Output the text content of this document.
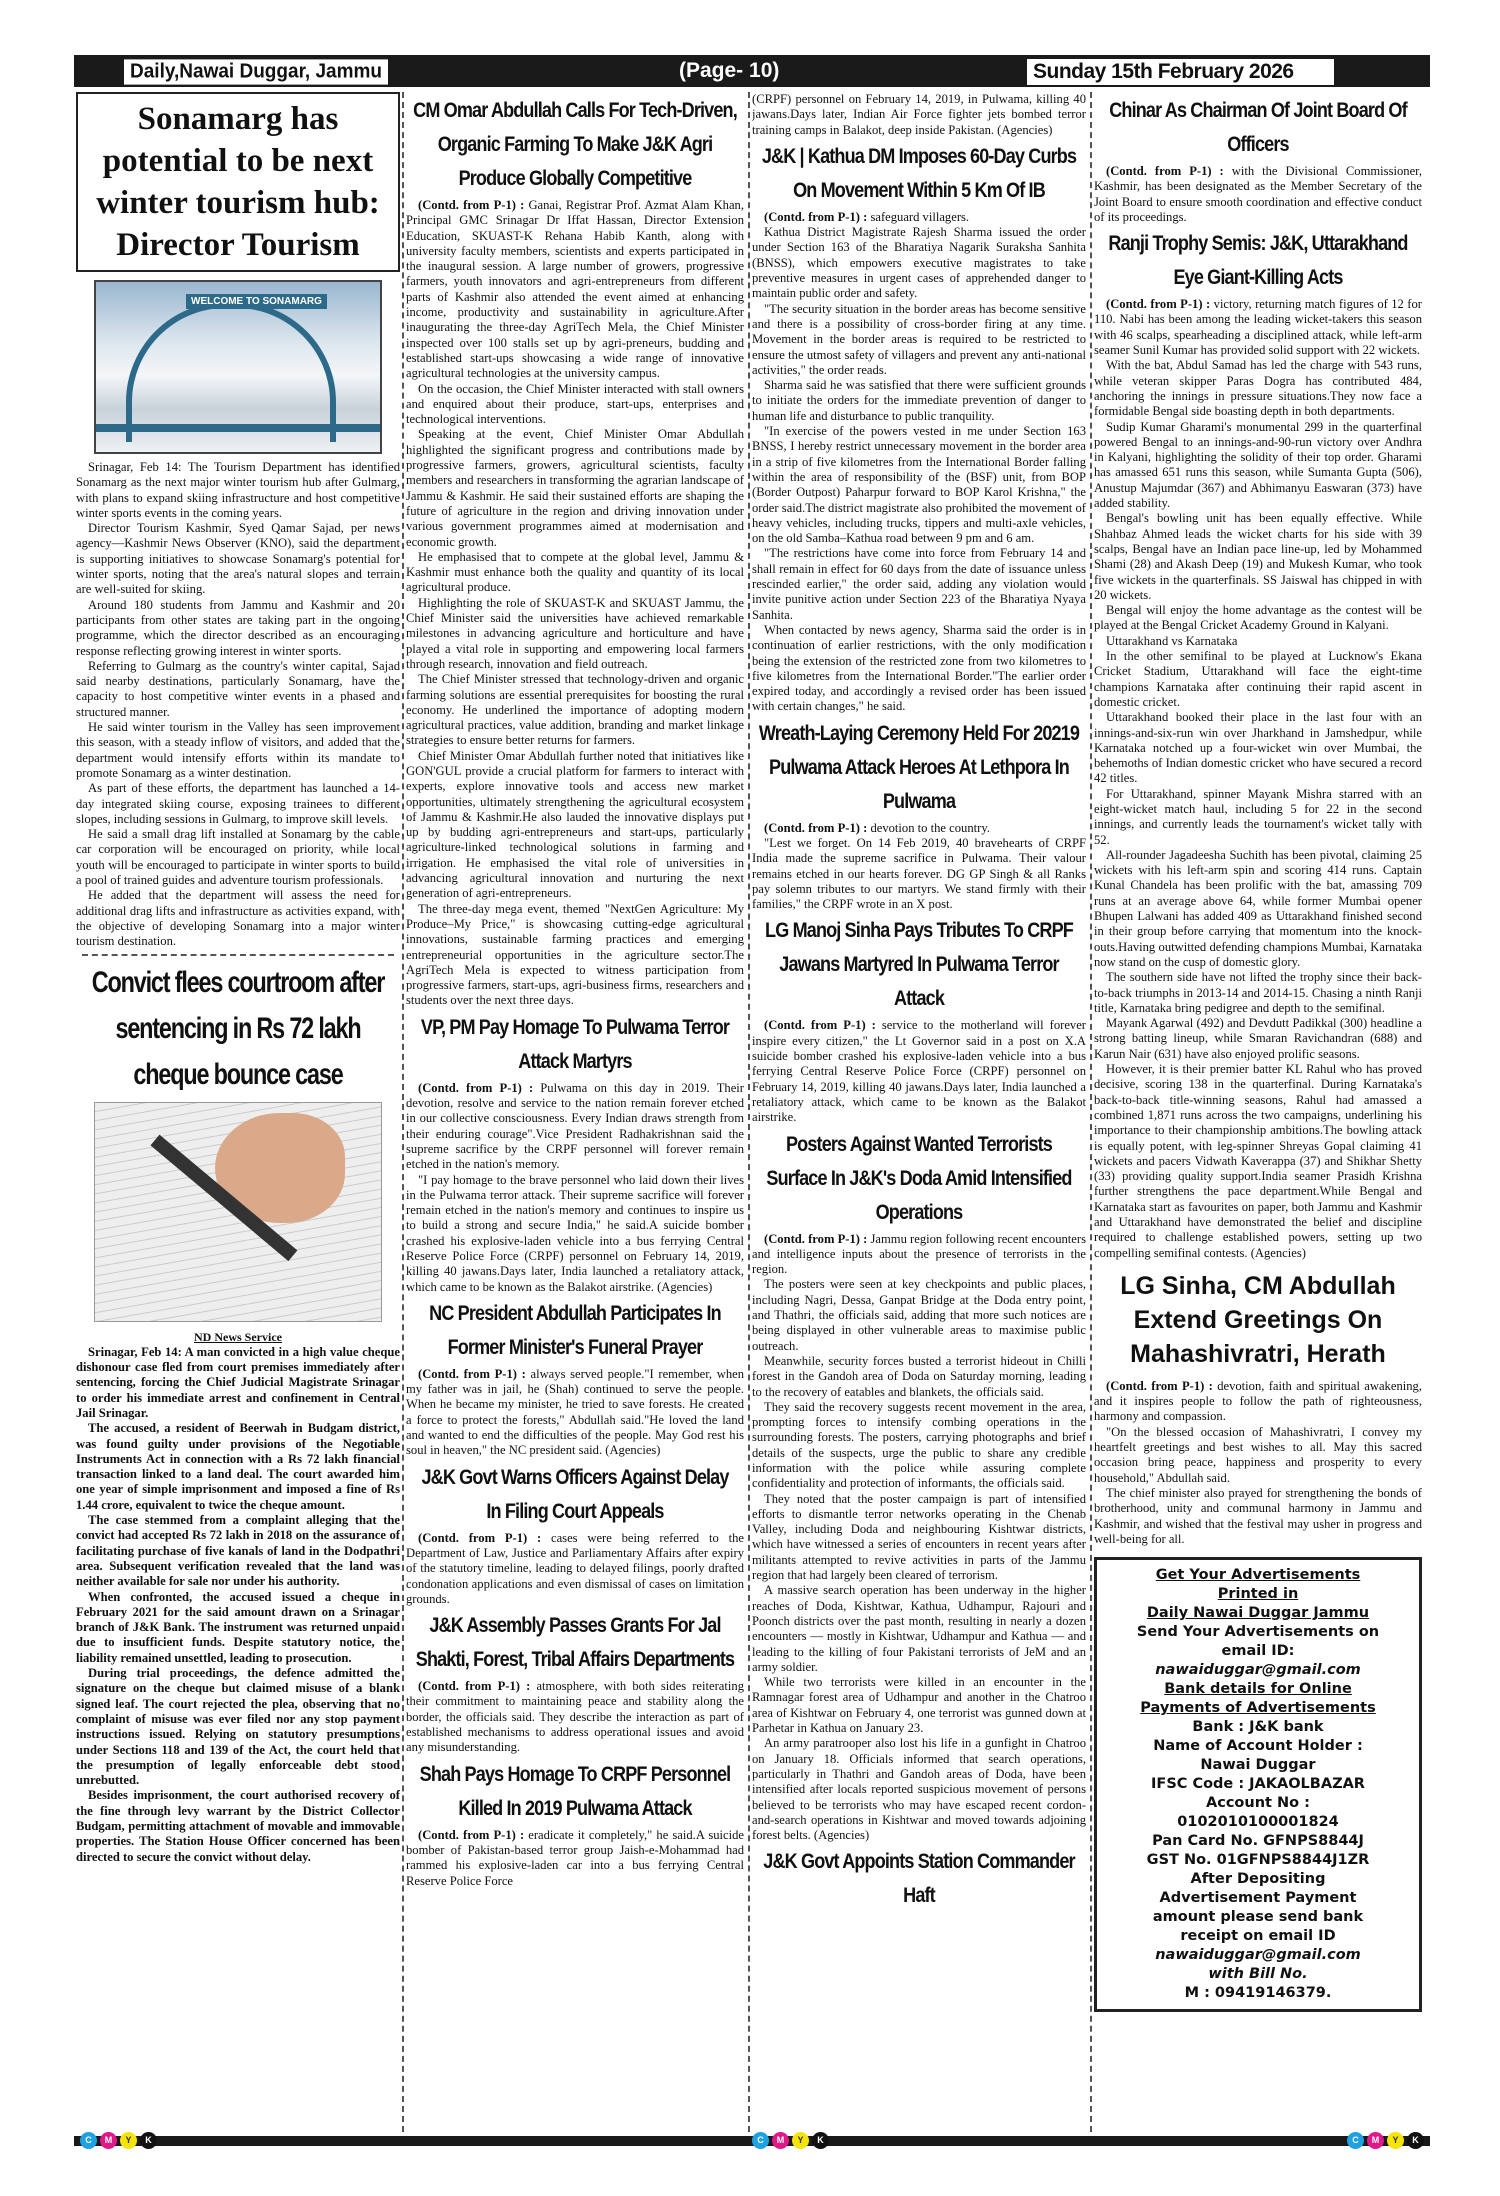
Daily,Nawai Duggar, Jammu	(Page- 10)	Sunday 15th February 2026
Sonamarg has potential to be next winter tourism hub: Director Tourism
WELCOME TO SONAMARG

Srinagar, Feb 14: The Tourism Department has identified Sonamarg as the next major winter tourism hub after Gulmarg, with plans to expand skiing infrastructure and host competitive winter sports events in the coming years.

Director Tourism Kashmir, Syed Qamar Sajad, per news agency—Kashmir News Observer (KNO), said the department is supporting initiatives to showcase Sonamarg's potential for winter sports, noting that the area's natural slopes and terrain are well-suited for skiing.

Around 180 students from Jammu and Kashmir and 20 participants from other states are taking part in the ongoing programme, which the director described as an encouraging response reflecting growing interest in winter sports.

Referring to Gulmarg as the country's winter capital, Sajad said nearby destinations, particularly Sonamarg, have the capacity to host competitive winter events in a phased and structured manner.

He said winter tourism in the Valley has seen improvement this season, with a steady inflow of visitors, and added that the department would intensify efforts within its mandate to promote Sonamarg as a winter destination.

As part of these efforts, the department has launched a 14-day integrated skiing course, exposing trainees to different slopes, including sessions in Gulmarg, to improve skill levels.

He said a small drag lift installed at Sonamarg by the cable car corporation will be encouraged on priority, while local youth will be encouraged to participate in winter sports to build a pool of trained guides and adventure tourism professionals.

He added that the department will assess the need for additional drag lifts and infrastructure as activities expand, with the objective of developing Sonamarg into a major winter tourism destination.

Convict flees courtroom after sentencing in Rs 72 lakh cheque bounce case
ND News Service

Srinagar, Feb 14: A man convicted in a high value cheque dishonour case fled from court premises immediately after sentencing, forcing the Chief Judicial Magistrate Srinagar to order his immediate arrest and confinement in Central Jail Srinagar.

The accused, a resident of Beerwah in Budgam district, was found guilty under provisions of the Negotiable Instruments Act in connection with a Rs 72 lakh financial transaction linked to a land deal. The court awarded him one year of simple imprisonment and imposed a fine of Rs 1.44 crore, equivalent to twice the cheque amount.

The case stemmed from a complaint alleging that the convict had accepted Rs 72 lakh in 2018 on the assurance of facilitating purchase of five kanals of land in the Dodpathri area. Subsequent verification revealed that the land was neither available for sale nor under his authority.

When confronted, the accused issued a cheque in February 2021 for the said amount drawn on a Srinagar branch of J&K Bank. The instrument was returned unpaid due to insufficient funds. Despite statutory notice, the liability remained unsettled, leading to prosecution.

During trial proceedings, the defence admitted the signature on the cheque but claimed misuse of a blank signed leaf. The court rejected the plea, observing that no complaint of misuse was ever filed nor any stop payment instructions issued. Relying on statutory presumptions under Sections 118 and 139 of the Act, the court held that the presumption of legally enforceable debt stood unrebutted.

Besides imprisonment, the court authorised recovery of the fine through levy warrant by the District Collector Budgam, permitting attachment of movable and immovable properties. The Station House Officer concerned has been directed to secure the convict without delay.

CM Omar Abdullah Calls For Tech-Driven, Organic Farming To Make J&K Agri Produce Globally Competitive

(Contd. from P-1) : Ganai, Registrar Prof. Azmat Alam Khan, Principal GMC Srinagar Dr Iffat Hassan, Director Extension Education, SKUAST-K Rehana Habib Kanth, along with university faculty members, scientists and experts participated in the inaugural session. A large number of growers, progressive farmers, youth innovators and agri-entrepreneurs from different parts of Kashmir also attended the event aimed at enhancing income, productivity and sustainability in agriculture.After inaugurating the three-day AgriTech Mela, the Chief Minister inspected over 100 stalls set up by agri-preneurs, budding and established start-ups showcasing a wide range of innovative agricultural technologies at the university campus.

On the occasion, the Chief Minister interacted with stall owners and enquired about their produce, start-ups, enterprises and technological interventions.

Speaking at the event, Chief Minister Omar Abdullah highlighted the significant progress and contributions made by progressive farmers, growers, agricultural scientists, faculty members and researchers in transforming the agrarian landscape of Jammu & Kashmir. He said their sustained efforts are shaping the future of agriculture in the region and driving innovation under various government programmes aimed at modernisation and economic growth.

He emphasised that to compete at the global level, Jammu & Kashmir must enhance both the quality and quantity of its local agricultural produce.

Highlighting the role of SKUAST-K and SKUAST Jammu, the Chief Minister said the universities have achieved remarkable milestones in advancing agriculture and horticulture and have played a vital role in supporting and empowering local farmers through research, innovation and field outreach.

The Chief Minister stressed that technology-driven and organic farming solutions are essential prerequisites for boosting the rural economy. He underlined the importance of adopting modern agricultural practices, value addition, branding and market linkage strategies to ensure better returns for farmers.

Chief Minister Omar Abdullah further noted that initiatives like GON'GUL provide a crucial platform for farmers to interact with experts, explore innovative tools and access new market opportunities, ultimately strengthening the agricultural ecosystem of Jammu & Kashmir.He also lauded the innovative displays put up by budding agri-entrepreneurs and start-ups, particularly agriculture-linked technological solutions in farming and irrigation. He emphasised the vital role of universities in advancing agricultural innovation and nurturing the next generation of agri-entrepreneurs.

The three-day mega event, themed "NextGen Agriculture: My Produce–My Price," is showcasing cutting-edge agricultural innovations, sustainable farming practices and emerging entrepreneurial opportunities in the agriculture sector.The AgriTech Mela is expected to witness participation from progressive farmers, start-ups, agri-business firms, researchers and students over the next three days.

VP, PM Pay Homage To Pulwama Terror Attack Martyrs

(Contd. from P-1) : Pulwama on this day in 2019. Their devotion, resolve and service to the nation remain forever etched in our collective consciousness. Every Indian draws strength from their enduring courage".Vice President Radhakrishnan said the supreme sacrifice by the CRPF personnel will forever remain etched in the nation's memory.

"I pay homage to the brave personnel who laid down their lives in the Pulwama terror attack. Their supreme sacrifice will forever remain etched in the nation's memory and continues to inspire us to build a strong and secure India," he said.A suicide bomber crashed his explosive-laden vehicle into a bus ferrying Central Reserve Police Force (CRPF) personnel on February 14, 2019, killing 40 jawans.Days later, India launched a retaliatory attack, which came to be known as the Balakot airstrike. (Agencies)

NC President Abdullah Participates In Former Minister's Funeral Prayer

(Contd. from P-1) : always served people."I remember, when my father was in jail, he (Shah) continued to serve the people. When he became my minister, he tried to save forests. He created a force to protect the forests," Abdullah said."He loved the land and wanted to end the difficulties of the people. May God rest his soul in heaven," the NC president said. (Agencies)

J&K Govt Warns Officers Against Delay In Filing Court Appeals

(Contd. from P-1) : cases were being referred to the Department of Law, Justice and Parliamentary Affairs after expiry of the statutory timeline, leading to delayed filings, poorly drafted condonation applications and even dismissal of cases on limitation grounds.

J&K Assembly Passes Grants For Jal Shakti, Forest, Tribal Affairs Departments

(Contd. from P-1) : atmosphere, with both sides reiterating their commitment to maintaining peace and stability along the border, the officials said. They describe the interaction as part of established mechanisms to address operational issues and avoid any misunderstanding.

Shah Pays Homage To CRPF Personnel Killed In 2019 Pulwama Attack

(Contd. from P-1) : eradicate it completely," he said.A suicide bomber of Pakistan-based terror group Jaish-e-Mohammad had rammed his explosive-laden car into a bus ferrying Central Reserve Police Force

(CRPF) personnel on February 14, 2019, in Pulwama, killing 40 jawans.Days later, Indian Air Force fighter jets bombed terror training camps in Balakot, deep inside Pakistan. (Agencies)

J&K | Kathua DM Imposes 60-Day Curbs On Movement Within 5 Km Of IB

(Contd. from P-1) : safeguard villagers.

Kathua District Magistrate Rajesh Sharma issued the order under Section 163 of the Bharatiya Nagarik Suraksha Sanhita (BNSS), which empowers executive magistrates to take preventive measures in urgent cases of apprehended danger to maintain public order and safety.

"The security situation in the border areas has become sensitive and there is a possibility of cross-border firing at any time. Movement in the border areas is required to be restricted to ensure the utmost safety of villagers and prevent any anti-national activities," the order reads.

Sharma said he was satisfied that there were sufficient grounds to initiate the orders for the immediate prevention of danger to human life and disturbance to public tranquility.

"In exercise of the powers vested in me under Section 163 BNSS, I hereby restrict unnecessary movement in the border area in a strip of five kilometres from the International Border falling within the area of responsibility of the (BSF) unit, from BOP (Border Outpost) Paharpur forward to BOP Karol Krishna," the order said.The district magistrate also prohibited the movement of heavy vehicles, including trucks, tippers and multi-axle vehicles, on the old Samba–Kathua road between 9 pm and 6 am.

"The restrictions have come into force from February 14 and shall remain in effect for 60 days from the date of issuance unless rescinded earlier," the order said, adding any violation would invite punitive action under Section 223 of the Bharatiya Nyaya Sanhita.

When contacted by news agency, Sharma said the order is in continuation of earlier restrictions, with the only modification being the extension of the restricted zone from two kilometres to five kilometres from the International Border."The earlier order expired today, and accordingly a revised order has been issued with certain changes," he said.

Wreath-Laying Ceremony Held For 20219 Pulwama Attack Heroes At Lethpora In Pulwama

(Contd. from P-1) : devotion to the country.

"Lest we forget. On 14 Feb 2019, 40 bravehearts of CRPF India made the supreme sacrifice in Pulwama. Their valour remains etched in our hearts forever. DG GP Singh & all Ranks pay solemn tributes to our martyrs. We stand firmly with their families," the CRPF wrote in an X post.

LG Manoj Sinha Pays Tributes To CRPF Jawans Martyred In Pulwama Terror Attack

(Contd. from P-1) : service to the motherland will forever inspire every citizen," the Lt Governor said in a post on X.A suicide bomber crashed his explosive-laden vehicle into a bus ferrying Central Reserve Police Force (CRPF) personnel on February 14, 2019, killing 40 jawans.Days later, India launched a retaliatory attack, which came to be known as the Balakot airstrike.

Posters Against Wanted Terrorists Surface In J&K's Doda Amid Intensified Operations

(Contd. from P-1) : Jammu region following recent encounters and intelligence inputs about the presence of terrorists in the region.

The posters were seen at key checkpoints and public places, including Nagri, Dessa, Ganpat Bridge at the Doda entry point, and Thathri, the officials said, adding that more such notices are being displayed in other vulnerable areas to maximise public outreach.

Meanwhile, security forces busted a terrorist hideout in Chilli forest in the Gandoh area of Doda on Saturday morning, leading to the recovery of eatables and blankets, the officials said.

They said the recovery suggests recent movement in the area, prompting forces to intensify combing operations in the surrounding forests. The posters, carrying photographs and brief details of the suspects, urge the public to share any credible information with the police while assuring complete confidentiality and protection of informants, the officials said.

They noted that the poster campaign is part of intensified efforts to dismantle terror networks operating in the Chenab Valley, including Doda and neighbouring Kishtwar districts, which have witnessed a series of encounters in recent years after militants attempted to revive activities in parts of the Jammu region that had largely been cleared of terrorism.

A massive search operation has been underway in the higher reaches of Doda, Kishtwar, Kathua, Udhampur, Rajouri and Poonch districts over the past month, resulting in nearly a dozen encounters — mostly in Kishtwar, Udhampur and Kathua — and leading to the killing of four Pakistani terrorists of JeM and an army soldier.

While two terrorists were killed in an encounter in the Ramnagar forest area of Udhampur and another in the Chatroo area of Kishtwar on February 4, one terrorist was gunned down at Parhetar in Kathua on January 23.

An army paratrooper also lost his life in a gunfight in Chatroo on January 18. Officials informed that search operations, particularly in Thathri and Gandoh areas of Doda, have been intensified after locals reported suspicious movement of persons believed to be terrorists who may have escaped recent cordon-and-search operations in Kishtwar and moved towards adjoining forest belts. (Agencies)

J&K Govt Appoints Station Commander Haft
Chinar As Chairman Of Joint Board Of Officers

(Contd. from P-1) : with the Divisional Commissioner, Kashmir, has been designated as the Member Secretary of the Joint Board to ensure smooth coordination and effective conduct of its proceedings.

Ranji Trophy Semis: J&K, Uttarakhand Eye Giant-Killing Acts

(Contd. from P-1) : victory, returning match figures of 12 for 110. Nabi has been among the leading wicket-takers this season with 46 scalps, spearheading a disciplined attack, while left-arm seamer Sunil Kumar has provided solid support with 22 wickets.

With the bat, Abdul Samad has led the charge with 543 runs, while veteran skipper Paras Dogra has contributed 484, anchoring the innings in pressure situations.They now face a formidable Bengal side boasting depth in both departments.

Sudip Kumar Gharami's monumental 299 in the quarterfinal powered Bengal to an innings-and-90-run victory over Andhra in Kalyani, highlighting the solidity of their top order. Gharami has amassed 651 runs this season, while Sumanta Gupta (506), Anustup Majumdar (367) and Abhimanyu Easwaran (373) have added stability.

Bengal's bowling unit has been equally effective. While Shahbaz Ahmed leads the wicket charts for his side with 39 scalps, Bengal have an Indian pace line-up, led by Mohammed Shami (28) and Akash Deep (19) and Mukesh Kumar, who took five wickets in the quarterfinals. SS Jaiswal has chipped in with 20 wickets.

Bengal will enjoy the home advantage as the contest will be played at the Bengal Cricket Academy Ground in Kalyani.

Uttarakhand vs Karnataka

In the other semifinal to be played at Lucknow's Ekana Cricket Stadium, Uttarakhand will face the eight-time champions Karnataka after continuing their rapid ascent in domestic cricket.

Uttarakhand booked their place in the last four with an innings-and-six-run win over Jharkhand in Jamshedpur, while Karnataka notched up a four-wicket win over Mumbai, the behemoths of Indian domestic cricket who have secured a record 42 titles.

For Uttarakhand, spinner Mayank Mishra starred with an eight-wicket match haul, including 5 for 22 in the second innings, and currently leads the tournament's wicket tally with 52.

All-rounder Jagadeesha Suchith has been pivotal, claiming 25 wickets with his left-arm spin and scoring 414 runs. Captain Kunal Chandela has been prolific with the bat, amassing 709 runs at an average above 64, while former Mumbai opener Bhupen Lalwani has added 409 as Uttarakhand finished second in their group before carrying that momentum into the knock-outs.Having outwitted defending champions Mumbai, Karnataka now stand on the cusp of domestic glory.

The southern side have not lifted the trophy since their back-to-back triumphs in 2013-14 and 2014-15. Chasing a ninth Ranji title, Karnataka bring pedigree and depth to the semifinal.

Mayank Agarwal (492) and Devdutt Padikkal (300) headline a strong batting lineup, while Smaran Ravichandran (688) and Karun Nair (631) have also enjoyed prolific seasons.

However, it is their premier batter KL Rahul who has proved decisive, scoring 138 in the quarterfinal. During Karnataka's back-to-back title-winning seasons, Rahul had amassed a combined 1,871 runs across the two campaigns, underlining his importance to their championship ambitions.The bowling attack is equally potent, with leg-spinner Shreyas Gopal claiming 41 wickets and pacers Vidwath Kaverappa (37) and Shikhar Shetty (33) providing quality support.India seamer Prasidh Krishna further strengthens the pace department.While Bengal and Karnataka start as favourites on paper, both Jammu and Kashmir and Uttarakhand have demonstrated the belief and discipline required to challenge established powers, setting up two compelling semifinal contests. (Agencies)

LG Sinha, CM Abdullah Extend Greetings On Mahashivratri, Herath

(Contd. from P-1) : devotion, faith and spiritual awakening, and it inspires people to follow the path of righteousness, harmony and compassion.

"On the blessed occasion of Mahashivratri, I convey my heartfelt greetings and best wishes to all. May this sacred occasion bring peace, happiness and prosperity to every household," Abdullah said.

The chief minister also prayed for strengthening the bonds of brotherhood, unity and communal harmony in Jammu and Kashmir, and wished that the festival may usher in progress and well-being for all.

Get Your Advertisements
Printed in
Daily Nawai Duggar Jammu
Send Your Advertisements on
email ID:
nawaiduggar@gmail.com
Bank details for Online
Payments of Advertisements
Bank : J&K bank
Name of Account Holder :
Nawai Duggar
IFSC Code : JAKAOLBAZAR
Account No :
0102010100001824
Pan Card No. GFNPS8844J
GST No. 01GFNPS8844J1ZR
After Depositing
Advertisement Payment
amount please send bank
receipt on email ID
nawaiduggar@gmail.com
with Bill No.
M : 09419146379.
C	M	Y	K	C	M	Y	K	C	M	Y	K
